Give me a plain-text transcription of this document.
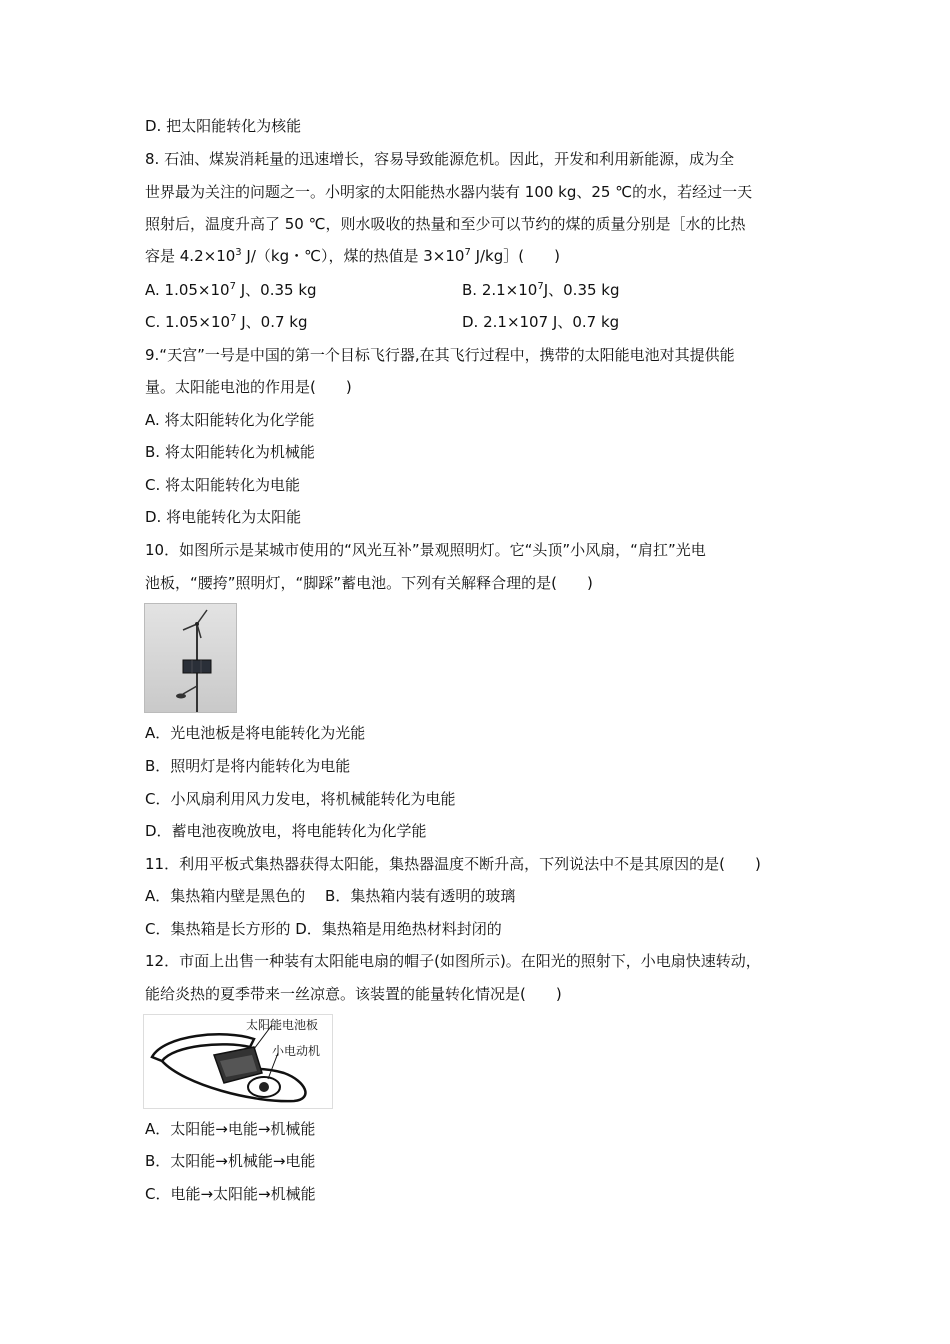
D. 把太阳能转化为核能
8. 石油、煤炭消耗量的迅速增长，容易导致能源危机。因此，开发和利用新能源，成为全
世界最为关注的问题之一。小明家的太阳能热水器内装有 100 kg、25 ℃的水，若经过一天
照射后，温度升高了 50 ℃，则水吸收的热量和至少可以节约的煤的质量分别是［水的比热
容是 $4.2\times 10^3$ J/（kg・℃），煤的热值是 $3\times 10^7$ J/kg］(　　)
A. $1.05\times 10^7$ J、0.35 kg	B. $2.1\times 10^7J$、0.35 kg
C. $1.05\times 10^7$ J、0.7 kg	D. 2.1×107 J、0.7 kg
9.“天宫”一号是中国的第一个目标飞行器,在其飞行过程中，携带的太阳能电池对其提供能
量。太阳能电池的作用是(　　)
A. 将太阳能转化为化学能
B. 将太阳能转化为机械能
C. 将太阳能转化为电能
D. 将电能转化为太阳能
10．如图所示是某城市使用的“风光互补”景观照明灯。它“头顶”小风扇，“肩扛”光电
池板，“腰挎”照明灯，“脚踩”蓄电池。下列有关解释合理的是(　　)
A．光电池板是将电能转化为光能
B．照明灯是将内能转化为电能
C．小风扇利用风力发电，将机械能转化为电能
D．蓄电池夜晚放电，将电能转化为化学能
11．利用平板式集热器获得太阳能，集热器温度不断升高，下列说法中不是其原因的是(　　)
A．集热箱内壁是黑色的　 B．集热箱内装有透明的玻璃
C．集热箱是长方形的 D．集热箱是用绝热材料封闭的
12．市面上出售一种装有太阳能电扇的帽子(如图所示)。在阳光的照射下，小电扇快速转动，
能给炎热的夏季带来一丝凉意。该装置的能量转化情况是(　　)
太阳能电池板
小电动机
A．太阳能→电能→机械能
B．太阳能→机械能→电能
C．电能→太阳能→机械能
